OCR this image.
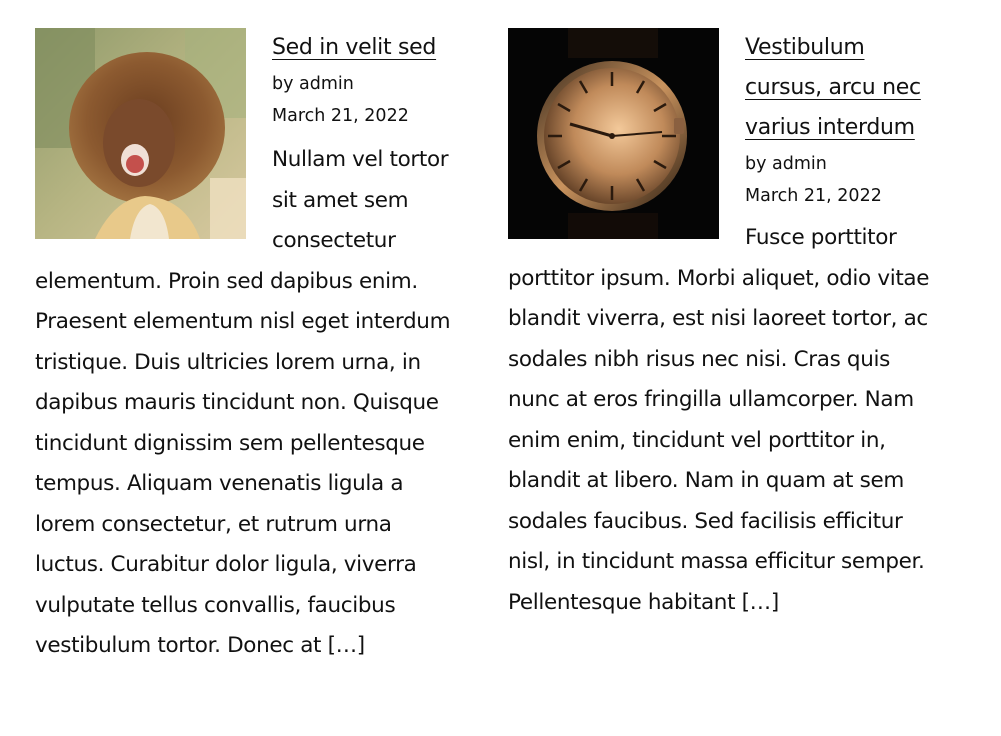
Sed in velit sed
by admin
March 21, 2022

Nullam vel tortor sit amet sem consectetur elementum. Proin sed dapibus enim. Praesent elementum nisl eget interdum tristique. Duis ultricies lorem urna, in dapibus mauris tincidunt non. Quisque tincidunt dignissim sem pellentesque tempus. Aliquam venenatis ligula a lorem consectetur, et rutrum urna luctus. Curabitur dolor ligula, viverra vulputate tellus convallis, faucibus vestibulum tortor. Donec at […]

Vestibulum cursus, arcu nec varius interdum
by admin
March 21, 2022

Fusce porttitor porttitor ipsum. Morbi aliquet, odio vitae blandit viverra, est nisi laoreet tortor, ac sodales nibh risus nec nisi. Cras quis nunc at eros fringilla ullamcorper. Nam enim enim, tincidunt vel porttitor in, blandit at libero. Nam in quam at sem sodales faucibus. Sed facilisis efficitur nisl, in tincidunt massa efficitur semper. Pellentesque habitant […]
